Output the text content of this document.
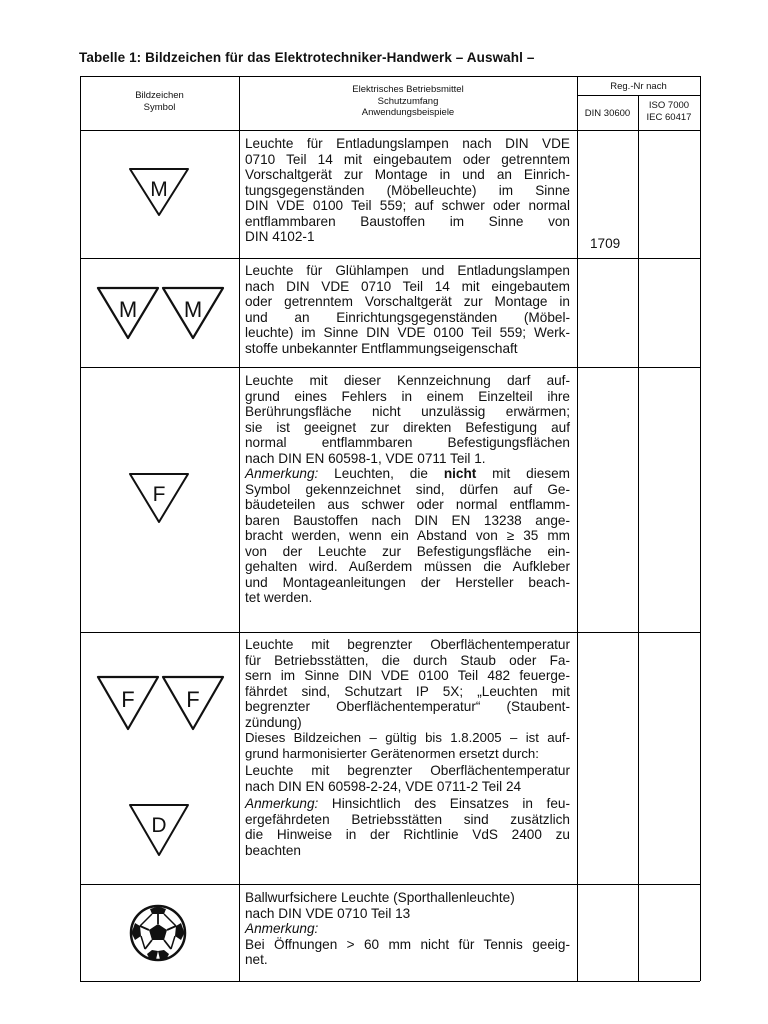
Tabelle 1: Bildzeichen für das Elektrotechniker-Handwerk – Auswahl –
Bildzeichen
Symbol
Elektrisches Betriebsmittel
Schutzumfang
Anwendungsbeispiele
Reg.-Nr nach
DIN 30600
ISO 7000
IEC 60417
M

Leuchte für Entladungslampen nach DIN VDE

0710 Teil 14 mit eingebautem oder getrenntem

Vorschaltgerät zur Montage in und an Einrich-

tungsgegenständen (Möbelleuchte) im Sinne

DIN VDE 0100 Teil 559; auf schwer oder normal

entflammbaren Baustoffen im Sinne von

DIN 4102-1	1709
M M

Leuchte für Glühlampen und Entladungslampen

nach DIN VDE 0710 Teil 14 mit eingebautem

oder getrenntem Vorschaltgerät zur Montage in

und an Einrichtungsgegenständen (Möbel-

leuchte) im Sinne DIN VDE 0100 Teil 559; Werk-

stoffe unbekannter Entflammungseigenschaft

F

Leuchte mit dieser Kennzeichnung darf auf-

grund eines Fehlers in einem Einzelteil ihre

Berührungsfläche nicht unzulässig erwärmen;

sie ist geeignet zur direkten Befestigung auf

normal entflammbaren Befestigungsflächen

nach DIN EN 60598-1, VDE 0711 Teil 1.

Anmerkung: Leuchten, die nicht mit diesem

Symbol gekennzeichnet sind, dürfen auf Ge-

bäudeteilen aus schwer oder normal entflamm-

baren Baustoffen nach DIN EN 13238 ange-

bracht werden, wenn ein Abstand von ≥ 35 mm

von der Leuchte zur Befestigungsfläche ein-

gehalten wird. Außerdem müssen die Aufkleber

und Montageanleitungen der Hersteller beach-

tet werden.

F F
D

Leuchte mit begrenzter Oberflächentemperatur

für Betriebsstätten, die durch Staub oder Fa-

sern im Sinne DIN VDE 0100 Teil 482 feuerge-

fährdet sind, Schutzart IP 5X; „Leuchten mit

begrenzter Oberflächentemperatur“ (Staubent-

zündung)

Dieses Bildzeichen – gültig bis 1.8.2005 – ist auf-

grund harmonisierter Gerätenormen ersetzt durch:

Leuchte mit begrenzter Oberflächentemperatur

nach DIN EN 60598-2-24, VDE 0711-2 Teil 24

Anmerkung: Hinsichtlich des Einsatzes in feu-

ergefährdeten Betriebsstätten sind zusätzlich

die Hinweise in der Richtlinie VdS 2400 zu

beachten

Ballwurfsichere Leuchte (Sporthallenleuchte)

nach DIN VDE 0710 Teil 13

Anmerkung:

Bei Öffnungen > 60 mm nicht für Tennis geeig-

net.
